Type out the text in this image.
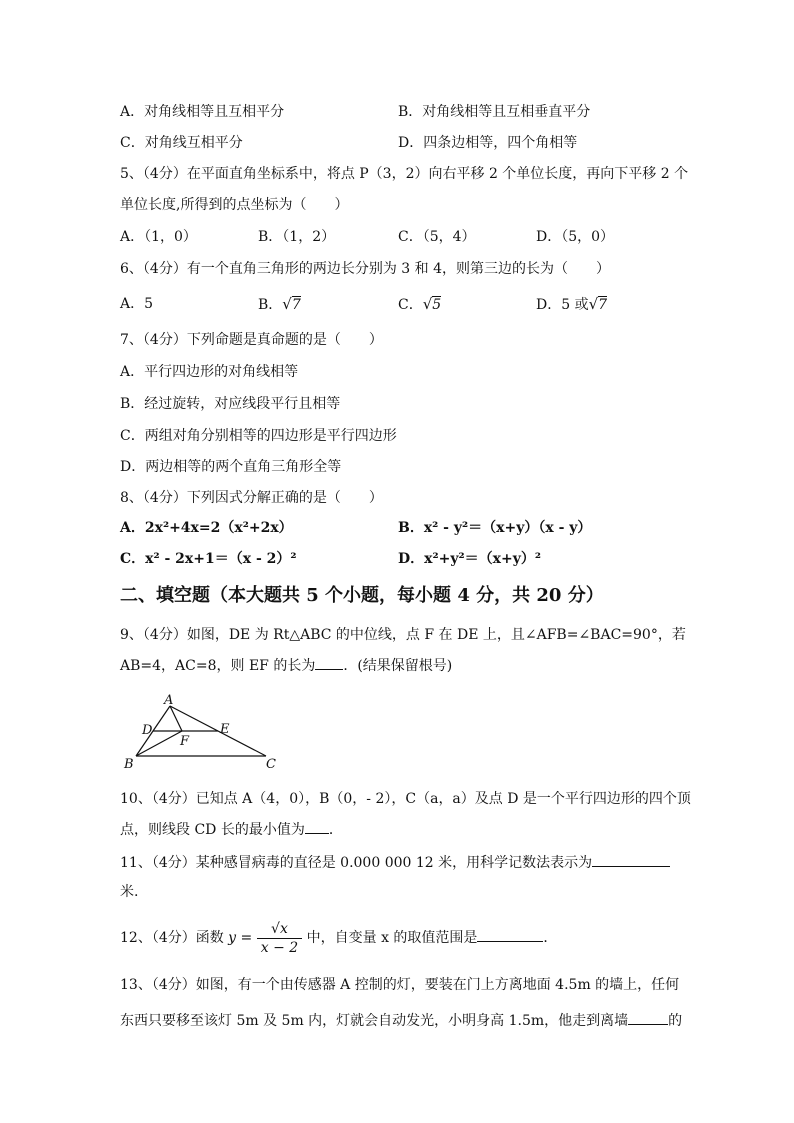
A．对角线相等且互相平分	B．对角线相等且互相垂直平分
C．对角线互相平分	D．四条边相等，四个角相等
5、（4分）在平面直角坐标系中，将点 P（3，2）向右平移 2 个单位长度，再向下平移 2 个
单位长度,所得到的点坐标为（　　）
A．（1，0）	B．（1，2）	C．（5，4）	D．（5，0）
6、（4分）有一个直角三角形的两边长分别为 3 和 4，则第三边的长为（　　）
A．5	B．√7	C．√5	D．5 或√7
7、（4分）下列命题是真命题的是（　　）
A．平行四边形的对角线相等
B．经过旋转，对应线段平行且相等
C．两组对角分别相等的四边形是平行四边形
D．两边相等的两个直角三角形全等
8、（4分）下列因式分解正确的是（　　）
A．2x²+4x=2（x²+2x）	B．x² - y²＝（x+y）（x - y）
C．x² - 2x+1＝（x - 2）²	D．x²+y²＝（x+y）²
二、填空题（本大题共 5 个小题，每小题 4 分，共 20 分）
9、（4分）如图，DE 为 Rt△ABC 的中位线，点 F 在 DE 上，且∠AFB=∠BAC=90°，若
AB=4，AC=8，则 EF 的长为 ．(结果保留根号)
A
D	E
F
B	C
10、（4分）已知点 A（4，0），B（0，- 2），C（a，a）及点 D 是一个平行四边形的四个顶
点，则线段 CD 长的最小值为 ．
11、（4分）某种感冒病毒的直径是 0.000 000 12 米，用科学记数法表示为
米.
12、（4分）函数 $y = \frac{√x}{x - 2}$ 中，自变量 x 的取值范围是	．
13、（4分）如图，有一个由传感器 A 控制的灯，要装在门上方离地面 4.5m 的墙上，任何
东西只要移至该灯 5m 及 5m 内，灯就会自动发光，小明身高 1.5m，他走到离墙	的
